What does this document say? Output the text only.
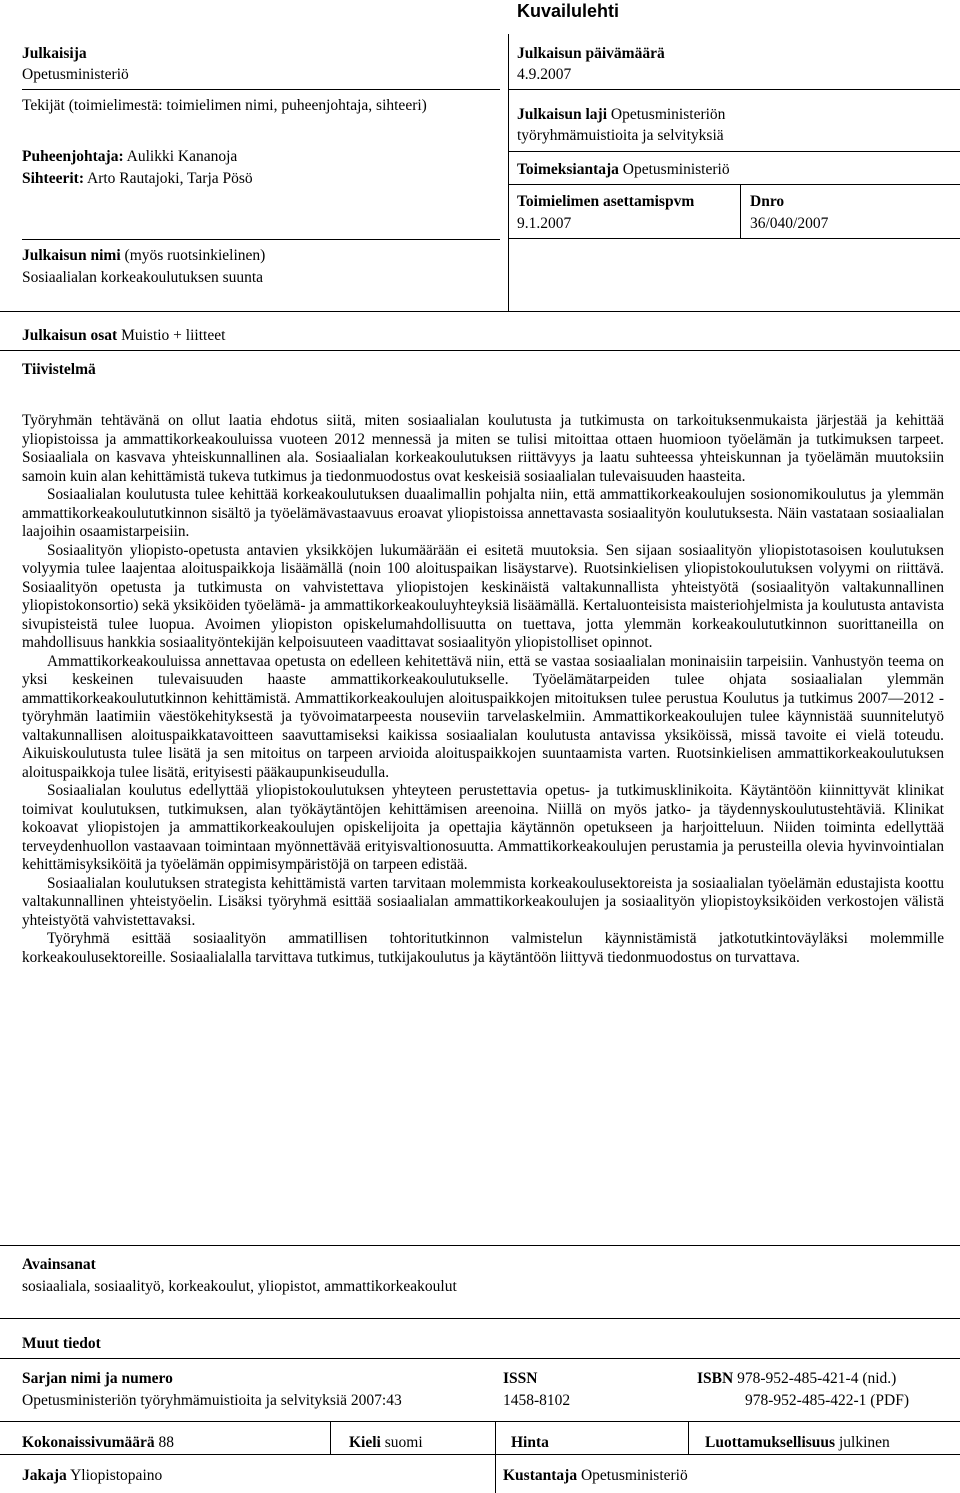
Kuvailulehti
Julkaisija
Opetusministeriö
Tekijät (toimielimestä: toimielimen nimi, puheenjohtaja, sihteeri)
Puheenjohtaja: Aulikki Kananoja
Sihteerit: Arto Rautajoki, Tarja Pösö
Julkaisun nimi (myös ruotsinkielinen)
Sosiaalialan korkeakoulutuksen suunta
Julkaisun päivämäärä
4.9.2007
Julkaisun laji Opetusministeriön
työryhmämuistioita ja selvityksiä
Toimeksiantaja Opetusministeriö
Toimielimen asettamispvm
9.1.2007
Dnro
36/040/2007
Julkaisun osat Muistio + liitteet
Tiivistelmä

Työryhmän tehtävänä on ollut laatia ehdotus siitä, miten sosiaalialan koulutusta ja tutkimusta on tarkoituksenmukaista järjestää ja kehittää yliopistoissa ja ammattikorkeakouluissa vuoteen 2012 mennessä ja miten se tulisi mitoittaa ottaen huomioon työelämän ja tutkimuksen tarpeet. Sosiaaliala on kasvava yhteiskunnallinen ala. Sosiaalialan korkeakoulutuksen riittävyys ja laatu suhteessa yhteiskunnan ja työelämän muutoksiin samoin kuin alan kehittämistä tukeva tutkimus ja tiedonmuodostus ovat keskeisiä sosiaalialan tulevaisuuden haasteita.

Sosiaalialan koulutusta tulee kehittää korkeakoulutuksen duaalimallin pohjalta niin, että ammattikorkeakoulujen sosionomikoulutus ja ylemmän ammattikorkeakoulututkinnon sisältö ja työelämävastaavuus eroavat yliopistoissa annettavasta sosiaalityön koulutuksesta. Näin vastataan sosiaalialan laajoihin osaamistarpeisiin.

Sosiaalityön yliopisto-opetusta antavien yksikköjen lukumäärään ei esitetä muutoksia. Sen sijaan sosiaalityön yliopistotasoisen koulutuksen volyymia tulee laajentaa aloituspaikkoja lisäämällä (noin 100 aloituspaikan lisäystarve). Ruotsinkielisen yliopistokoulutuksen volyymi on riittävä. Sosiaalityön opetusta ja tutkimusta on vahvistettava yliopistojen keskinäistä valtakunnallista yhteistyötä (sosiaalityön valtakunnallinen yliopistokonsortio) sekä yksiköiden työelämä- ja ammattikorkeakouluyhteyksiä lisäämällä. Kertaluonteisista maisteriohjelmista ja koulutusta antavista sivupisteistä tulee luopua. Avoimen yliopiston opiskelumahdollisuutta on tuettava, jotta ylemmän korkeakoulututkinnon suorittaneilla on mahdollisuus hankkia sosiaalityöntekijän kelpoisuuteen vaadittavat sosiaalityön yliopistolliset opinnot.

Ammattikorkeakouluissa annettavaa opetusta on edelleen kehitettävä niin, että se vastaa sosiaalialan moninaisiin tarpeisiin. Vanhustyön teema on yksi keskeinen tulevaisuuden haaste ammattikorkeakoulutukselle. Työelämätarpeiden tulee ohjata sosiaalialan ylemmän ammattikorkeakoulututkinnon kehittämistä. Ammattikorkeakoulujen aloituspaikkojen mitoituksen tulee perustua Koulutus ja tutkimus 2007—2012 -työryhmän laatimiin väestökehityksestä ja työvoimatarpeesta nouseviin tarvelaskelmiin. Ammattikorkeakoulujen tulee käynnistää suunnitelutyö valtakunnallisen aloituspaikkatavoitteen saavuttamiseksi kaikissa sosiaalialan koulutusta antavissa yksiköissä, missä tavoite ei vielä toteudu. Aikuiskoulutusta tulee lisätä ja sen mitoitus on tarpeen arvioida aloituspaikkojen suuntaamista varten. Ruotsinkielisen ammattikorkeakoulutuksen aloituspaikkoja tulee lisätä, erityisesti pääkaupunkiseudulla.

Sosiaalialan koulutus edellyttää yliopistokoulutuksen yhteyteen perustettavia opetus- ja tutkimusklinikoita. Käytäntöön kiinnittyvät klinikat toimivat koulutuksen, tutkimuksen, alan työkäytäntöjen kehittämisen areenoina. Niillä on myös jatko- ja täydennyskoulutustehtäviä. Klinikat kokoavat yliopistojen ja ammattikorkeakoulujen opiskelijoita ja opettajia käytännön opetukseen ja harjoitteluun. Niiden toiminta edellyttää terveydenhuollon vastaavaan toimintaan myönnettävää erityisvaltionosuutta. Ammattikorkeakoulujen perustamia ja perusteilla olevia hyvinvointialan kehittämisyksiköitä ja työelämän oppimisympäristöjä on tarpeen edistää.

Sosiaalialan koulutuksen strategista kehittämistä varten tarvitaan molemmista korkeakoulusektoreista ja sosiaalialan työelämän edustajista koottu valtakunnallinen yhteistyöelin. Lisäksi työryhmä esittää sosiaalialan ammattikorkeakoulujen ja sosiaalityön yliopistoyksiköiden verkostojen välistä yhteistyötä vahvistettavaksi.

Työryhmä esittää sosiaalityön ammatillisen tohtoritutkinnon valmistelun käynnistämistä jatkotutkintoväyläksi molemmille korkeakoulusektoreille. Sosiaalialalla tarvittava tutkimus, tutkijakoulutus ja käytäntöön liittyvä tiedonmuodostus on turvattava.

Avainsanat
sosiaaliala, sosiaalityö, korkeakoulut, yliopistot, ammattikorkeakoulut
Muut tiedot
Sarjan nimi ja numero
Opetusministeriön työryhmämuistioita ja selvityksiä 2007:43
ISSN
1458-8102
ISBN 978-952-485-421-4 (nid.)
978-952-485-422-1 (PDF)
Kokonaissivumäärä 88	Kieli suomi	Hinta	Luottamuksellisuus julkinen
Jakaja Yliopistopaino	Kustantaja Opetusministeriö
